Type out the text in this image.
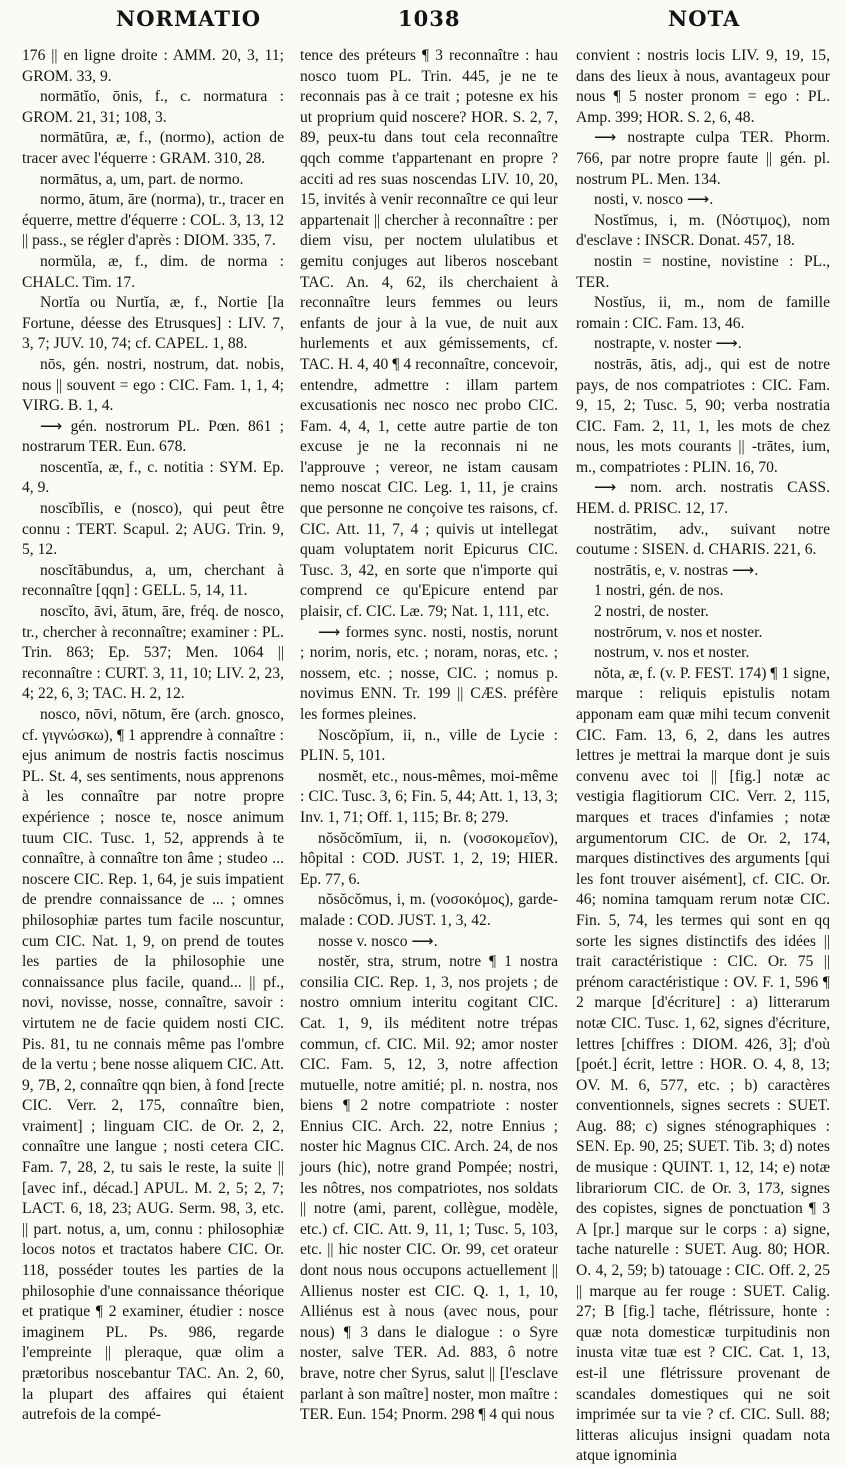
NORMATIO	1038	NOTA
176 || en ligne droite : AMM. 20, 3, 11; GROM. 33, 9.
normātĭo, ōnis, f., c. normatura : GROM. 21, 31; 108, 3.
normātūra, æ, f., (normo), action de tracer avec l'équerre : GRAM. 310, 28.
normātus, a, um, part. de normo.
normo, ātum, āre (norma), tr., tracer en équerre, mettre d'équerre : COL. 3, 13, 12 || pass., se régler d'après : DIOM. 335, 7.
normŭla, æ, f., dim. de norma : CHALC. Tim. 17.
Nortĭa ou Nurtĭa, æ, f., Nortie [la Fortune, déesse des Etrusques] : LIV. 7, 3, 7; JUV. 10, 74; cf. CAPEL. 1, 88.
nōs, gén. nostri, nostrum, dat. nobis, nous || souvent = ego : CIC. Fam. 1, 1, 4; VIRG. B. 1, 4.
⟶ gén. nostrorum PL. Pœn. 861 ; nostrarum TER. Eun. 678.
noscentĭa, æ, f., c. notitia : SYM. Ep. 4, 9.
noscĭbĭlis, e (nosco), qui peut être connu : TERT. Scapul. 2; AUG. Trin. 9, 5, 12.
noscĭtābundus, a, um, cherchant à reconnaître [qqn] : GELL. 5, 14, 11.
noscĭto, āvi, ātum, āre, fréq. de nosco, tr., chercher à reconnaître; examiner : PL. Trin. 863; Ep. 537; Men. 1064 || reconnaître : CURT. 3, 11, 10; LIV. 2, 23, 4; 22, 6, 3; TAC. H. 2, 12.
nosco, nōvi, nōtum, ĕre (arch. gnosco, cf. γιγνώσκω), ¶ 1 apprendre à connaître : ejus animum de nostris factis noscimus PL. St. 4, ses sentiments, nous apprenons à les connaître par notre propre expérience ; nosce te, nosce animum tuum CIC. Tusc. 1, 52, apprends à te connaître, à connaître ton âme ; studeo ... noscere CIC. Rep. 1, 64, je suis impatient de prendre connaissance de ... ; omnes philosophiæ partes tum facile noscuntur, cum CIC. Nat. 1, 9, on prend de toutes les parties de la philosophie une connaissance plus facile, quand... || pf., novi, novisse, nosse, connaître, savoir : virtutem ne de facie quidem nosti CIC. Pis. 81, tu ne connais même pas l'ombre de la vertu ; bene nosse aliquem CIC. Att. 9, 7B, 2, connaître qqn bien, à fond [recte CIC. Verr. 2, 175, connaître bien, vraiment] ; linguam CIC. de Or. 2, 2, connaître une langue ; nosti cetera CIC. Fam. 7, 28, 2, tu sais le reste, la suite || [avec inf., décad.] APUL. M. 2, 5; 2, 7; LACT. 6, 18, 23; AUG. Serm. 98, 3, etc. || part. notus, a, um, connu : philosophiæ locos notos et tractatos habere CIC. Or. 118, posséder toutes les parties de la philosophie d'une connaissance théorique et pratique ¶ 2 examiner, étudier : nosce imaginem PL. Ps. 986, regarde l'empreinte || pleraque, quæ olim a prætoribus noscebantur TAC. An. 2, 60, la plupart des affaires qui étaient autrefois de la compé-
tence des préteurs ¶ 3 reconnaître : hau nosco tuom PL. Trin. 445, je ne te reconnais pas à ce trait ; potesne ex his ut proprium quid noscere? HOR. S. 2, 7, 89, peux-tu dans tout cela reconnaître qqch comme t'appartenant en propre ? acciti ad res suas noscendas LIV. 10, 20, 15, invités à venir reconnaître ce qui leur appartenait || chercher à reconnaître : per diem visu, per noctem ululatibus et gemitu conjuges aut liberos noscebant TAC. An. 4, 62, ils cherchaient à reconnaître leurs femmes ou leurs enfants de jour à la vue, de nuit aux hurlements et aux gémissements, cf. TAC. H. 4, 40 ¶ 4 reconnaître, concevoir, entendre, admettre : illam partem excusationis nec nosco nec probo CIC. Fam. 4, 4, 1, cette autre partie de ton excuse je ne la reconnais ni ne l'approuve ; vereor, ne istam causam nemo noscat CIC. Leg. 1, 11, je crains que personne ne conçoive tes raisons, cf. CIC. Att. 11, 7, 4 ; quivis ut intellegat quam voluptatem norit Epicurus CIC. Tusc. 3, 42, en sorte que n'importe qui comprend ce qu'Epicure entend par plaisir, cf. CIC. Læ. 79; Nat. 1, 111, etc.
⟶ formes sync. nosti, nostis, norunt ; norim, noris, etc. ; noram, noras, etc. ; nossem, etc. ; nosse, CIC. ; nomus p. novimus ENN. Tr. 199 || CÆS. préfère les formes pleines.
Noscŏpĭum, ii, n., ville de Lycie : PLIN. 5, 101.
nosmĕt, etc., nous-mêmes, moi-même : CIC. Tusc. 3, 6; Fin. 5, 44; Att. 1, 13, 3; Inv. 1, 71; Off. 1, 115; Br. 8; 279.
nŏsŏcŏmīum, ii, n. (νοσοκομεῖον), hôpital : COD. JUST. 1, 2, 19; HIER. Ep. 77, 6.
nŏsŏcŏmus, i, m. (νοσοκόμος), garde-malade : COD. JUST. 1, 3, 42.
nosse v. nosco ⟶.
nostĕr, stra, strum, notre ¶ 1 nostra consilia CIC. Rep. 1, 3, nos projets ; de nostro omnium interitu cogitant CIC. Cat. 1, 9, ils méditent notre trépas commun, cf. CIC. Mil. 92; amor noster CIC. Fam. 5, 12, 3, notre affection mutuelle, notre amitié; pl. n. nostra, nos biens ¶ 2 notre compatriote : noster Ennius CIC. Arch. 22, notre Ennius ; noster hic Magnus CIC. Arch. 24, de nos jours (hic), notre grand Pompée; nostri, les nôtres, nos compatriotes, nos soldats || notre (ami, parent, collègue, modèle, etc.) cf. CIC. Att. 9, 11, 1; Tusc. 5, 103, etc. || hic noster CIC. Or. 99, cet orateur dont nous nous occupons actuellement || Allienus noster est CIC. Q. 1, 1, 10, Alliénus est à nous (avec nous, pour nous) ¶ 3 dans le dialogue : o Syre noster, salve TER. Ad. 883, ô notre brave, notre cher Syrus, salut || [l'esclave parlant à son maître] noster, mon maître : TER. Eun. 154; Pnorm. 298 ¶ 4 qui nous
convient : nostris locis LIV. 9, 19, 15, dans des lieux à nous, avantageux pour nous ¶ 5 noster pronom = ego : PL. Amp. 399; HOR. S. 2, 6, 48.
⟶ nostrapte culpa TER. Phorm. 766, par notre propre faute || gén. pl. nostrum PL. Men. 134.
nosti, v. nosco ⟶.
Nostĭmus, i, m. (Νόστιμος), nom d'esclave : INSCR. Donat. 457, 18.
nostin = nostine, novistine : PL., TER.
Nostĭus, ii, m., nom de famille romain : CIC. Fam. 13, 46.
nostrapte, v. noster ⟶.
nostrās, ātis, adj., qui est de notre pays, de nos compatriotes : CIC. Fam. 9, 15, 2; Tusc. 5, 90; verba nostratia CIC. Fam. 2, 11, 1, les mots de chez nous, les mots courants || -trātes, ium, m., compatriotes : PLIN. 16, 70.
⟶ nom. arch. nostratis CASS. HEM. d. PRISC. 12, 17.
nostrātim, adv., suivant notre coutume : SISEN. d. CHARIS. 221, 6.
nostrātis, e, v. nostras ⟶.
1 nostri, gén. de nos.
2 nostri, de noster.
nostrōrum, v. nos et noster.
nostrum, v. nos et noster.
nŏta, æ, f. (v. P. FEST. 174) ¶ 1 signe, marque : reliquis epistulis notam apponam eam quæ mihi tecum convenit CIC. Fam. 13, 6, 2, dans les autres lettres je mettrai la marque dont je suis convenu avec toi || [fig.] notæ ac vestigia flagitiorum CIC. Verr. 2, 115, marques et traces d'infamies ; notæ argumentorum CIC. de Or. 2, 174, marques distinctives des arguments [qui les font trouver aisément], cf. CIC. Or. 46; nomina tamquam rerum notæ CIC. Fin. 5, 74, les termes qui sont en qq sorte les signes distinctifs des idées || trait caractéristique : CIC. Or. 75 || prénom caractéristique : OV. F. 1, 596 ¶ 2 marque [d'écriture] : a) litterarum notæ CIC. Tusc. 1, 62, signes d'écriture, lettres [chiffres : DIOM. 426, 3]; d'où [poét.] écrit, lettre : HOR. O. 4, 8, 13; OV. M. 6, 577, etc. ; b) caractères conventionnels, signes secrets : SUET. Aug. 88; c) signes sténographiques : SEN. Ep. 90, 25; SUET. Tib. 3; d) notes de musique : QUINT. 1, 12, 14; e) notæ librariorum CIC. de Or. 3, 173, signes des copistes, signes de ponctuation ¶ 3 A [pr.] marque sur le corps : a) signe, tache naturelle : SUET. Aug. 80; HOR. O. 4, 2, 59; b) tatouage : CIC. Off. 2, 25 || marque au fer rouge : SUET. Calig. 27; B [fig.] tache, flétrissure, honte : quæ nota domesticæ turpitudinis non inusta vitæ tuæ est ? CIC. Cat. 1, 13, est-il une flétrissure provenant de scandales domestiques qui ne soit imprimée sur ta vie ? cf. CIC. Sull. 88; litteras alicujus insigni quadam nota atque ignominia
